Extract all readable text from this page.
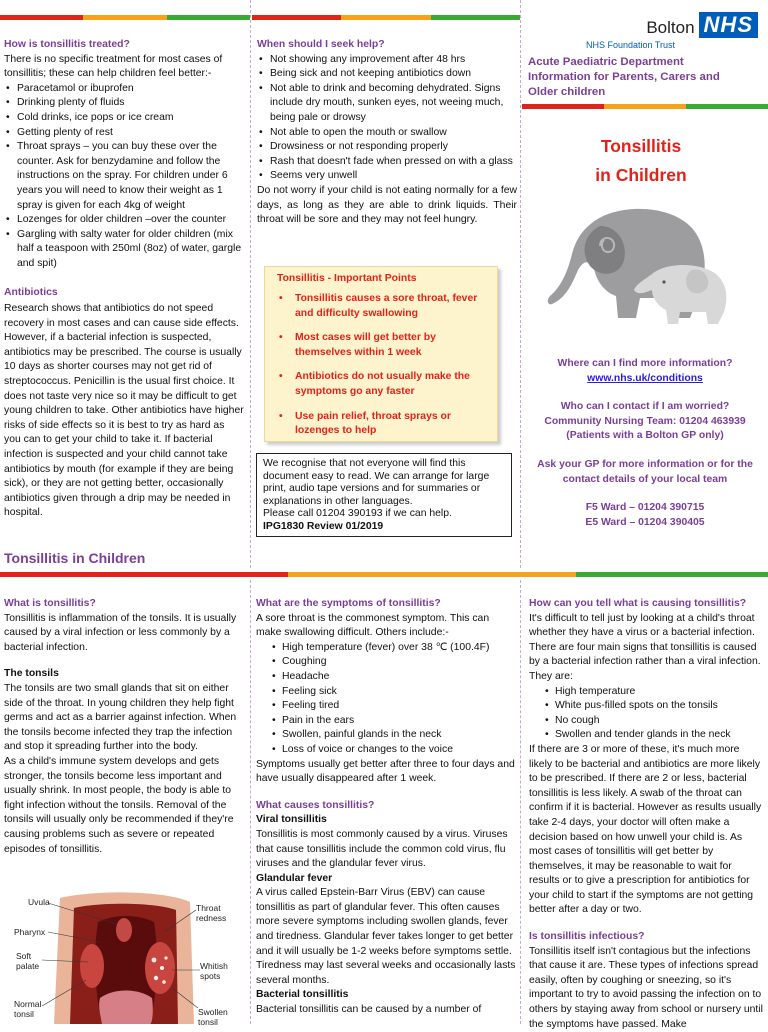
How is tonsillitis treated?

There is no specific treatment for most cases of tonsillitis; these can help children feel better:-

• Paracetamol or ibuprofen
• Drinking plenty of fluids
• Cold drinks, ice pops or ice cream
• Getting plenty of rest
• Throat sprays – you can buy these over the counter. Ask for benzydamine and follow the instructions on the spray. For children under 6 years you will need to know their weight as 1 spray is given for each 4kg of weight
• Lozenges for older children –over the counter
• Gargling with salty water for older children (mix half a teaspoon with 250ml (8oz) of water, gargle and spit)
Antibiotics

Research shows that antibiotics do not speed recovery in most cases and can cause side effects. However, if a bacterial infection is suspected, antibiotics may be prescribed. The course is usually 10 days as shorter courses may not get rid of streptococcus. Penicillin is the usual first choice. It does not taste very nice so it may be difficult to get young children to take. Other antibiotics have higher risks of side effects so it is best to try as hard as you can to get your child to take it. If bacterial infection is suspected and your child cannot take antibiotics by mouth (for example if they are being sick), or they are not getting better, occasionally antibiotics given through a drip may be needed in hospital.

Tonsillitis in Children
When should I seek help?
• Not showing any improvement after 48 hrs
• Being sick and not keeping antibiotics down
• Not able to drink and becoming dehydrated. Signs include dry mouth, sunken eyes, not weeing much, being pale or drowsy
• Not able to open the mouth or swallow
• Drowsiness or not responding properly
• Rash that doesn't fade when pressed on with a glass
• Seems very unwell

Do not worry if your child is not eating normally for a few days, as long as they are able to drink liquids. Their throat will be sore and they may not feel hungry.

Tonsillitis - Important Points
• Tonsillitis causes a sore throat, fever and difficulty swallowing
• Most cases will get better by themselves within 1 week
• Antibiotics do not usually make the symptoms go any faster
• Use pain relief, throat sprays or lozenges to help

We recognise that not everyone will find this document easy to read. We can arrange for large print, audio tape versions and for summaries or explanations in other languages.

Please call 01204 390193 if we can help.

IPG1830 Review 01/2019

Bolton NHS
NHS Foundation Trust
Acute Paediatric Department Information for Parents, Carers and Older children
Tonsillitis
in Children
Where can I find more information?
www.nhs.uk/conditions
Who can I contact if I am worried?
Community Nursing Team: 01204 463939
(Patients with a Bolton GP only)
Ask your GP for more information or for the contact details of your local team
F5 Ward – 01204 390715
E5 Ward – 01204 390405
What is tonsillitis?

Tonsillitis is inflammation of the tonsils. It is usually caused by a viral infection or less commonly by a bacterial infection.

The tonsils

The tonsils are two small glands that sit on either side of the throat. In young children they help fight germs and act as a barrier against infection. When the tonsils become infected they trap the infection and stop it spreading further into the body.

As a child's immune system develops and gets stronger, the tonsils become less important and usually shrink. In most people, the body is able to fight infection without the tonsils. Removal of the tonsils will usually only be recommended if they're causing problems such as severe or repeated episodes of tonsillitis.

Uvula
Pharynx
Soft palate
Normal tonsil
Throat redness
Whitish spots
Swollen tonsil
What are the symptoms of tonsillitis?

A sore throat is the commonest symptom. This can make swallowing difficult. Others include:-

• High temperature (fever) over 38 ℃ (100.4F)
• Coughing
• Headache
• Feeling sick
• Feeling tired
• Pain in the ears
• Swollen, painful glands in the neck
• Loss of voice or changes to the voice

Symptoms usually get better after three to four days and have usually disappeared after 1 week.

What causes tonsillitis?

Viral tonsillitis

Tonsillitis is most commonly caused by a virus. Viruses that cause tonsillitis include the common cold virus, flu viruses and the glandular fever virus.

Glandular fever

A virus called Epstein-Barr Virus (EBV) can cause tonsillitis as part of glandular fever. This often causes more severe symptoms including swollen glands, fever and tiredness. Glandular fever takes longer to get better and it will usually be 1-2 weeks before symptoms settle. Tiredness may last several weeks and occasionally lasts several months.

Bacterial tonsillitis

Bacterial tonsillitis can be caused by a number of

How can you tell what is causing tonsillitis?

It's difficult to tell just by looking at a child's throat whether they have a virus or a bacterial infection. There are four main signs that tonsillitis is caused by a bacterial infection rather than a viral infection. They are:

• High temperature
• White pus-filled spots on the tonsils
• No cough
• Swollen and tender glands in the neck

If there are 3 or more of these, it's much more likely to be bacterial and antibiotics are more likely to be prescribed. If there are 2 or less, bacterial tonsillitis is less likely. A swab of the throat can confirm if it is bacterial. However as results usually take 2-4 days, your doctor will often make a decision based on how unwell your child is. As most cases of tonsillitis will get better by themselves, it may be reasonable to wait for results or to give a prescription for antibiotics for your child to start if the symptoms are not getting better after a day or two.

Is tonsillitis infectious?

Tonsillitis itself isn't contagious but the infections that cause it are. These types of infections spread easily, often by coughing or sneezing, so it's important to try to avoid passing the infection on to others by staying away from school or nursery until the symptoms have passed. Make
